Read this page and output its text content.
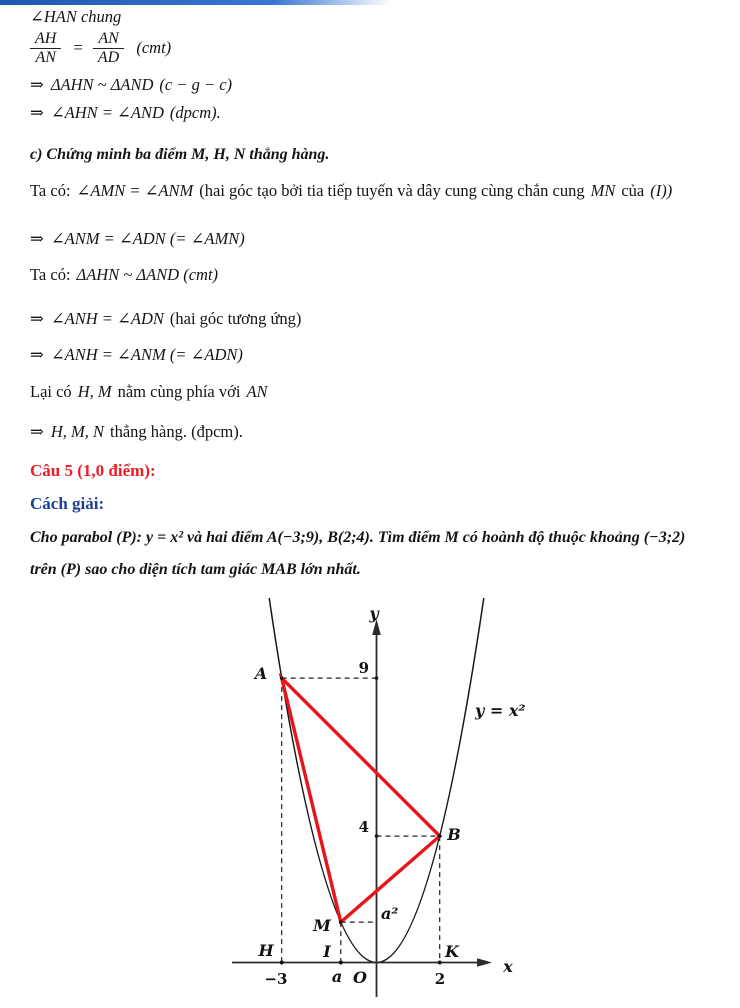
∠HAN chung
$\frac{AH}{AN} = \frac{AN}{AD} (cmt)$
⇒ ΔAHN ~ ΔAND (c − g − c)
⇒ ∠AHN = ∠AND (dpcm).
c) Chứng minh ba điểm M, H, N thẳng hàng.
Ta có: ∠AMN = ∠ANM (hai góc tạo bởi tia tiếp tuyến và dây cung cùng chắn cung MN của (I))
⇒ ∠ANM = ∠ADN (= ∠AMN)
Ta có: ΔAHN ~ ΔAND (cmt)
⇒ ∠ANH = ∠ADN (hai góc tương ứng)
⇒ ∠ANH = ∠ANM (= ∠ADN)
Lại có H, M nằm cùng phía với AN
⇒ H, M, N thẳng hàng. (đpcm).
Câu 5 (1,0 điểm):
Cách giải:
Cho parabol (P): y = x² và hai điểm A(−3;9), B(2;4). Tìm điểm M có hoành độ thuộc khoảng (−3;2)
trên (P) sao cho diện tích tam giác MAB lớn nhất.
y
x
O
y = x²
A
B
M
H	I	K
9
4
a²
−3	a	2
